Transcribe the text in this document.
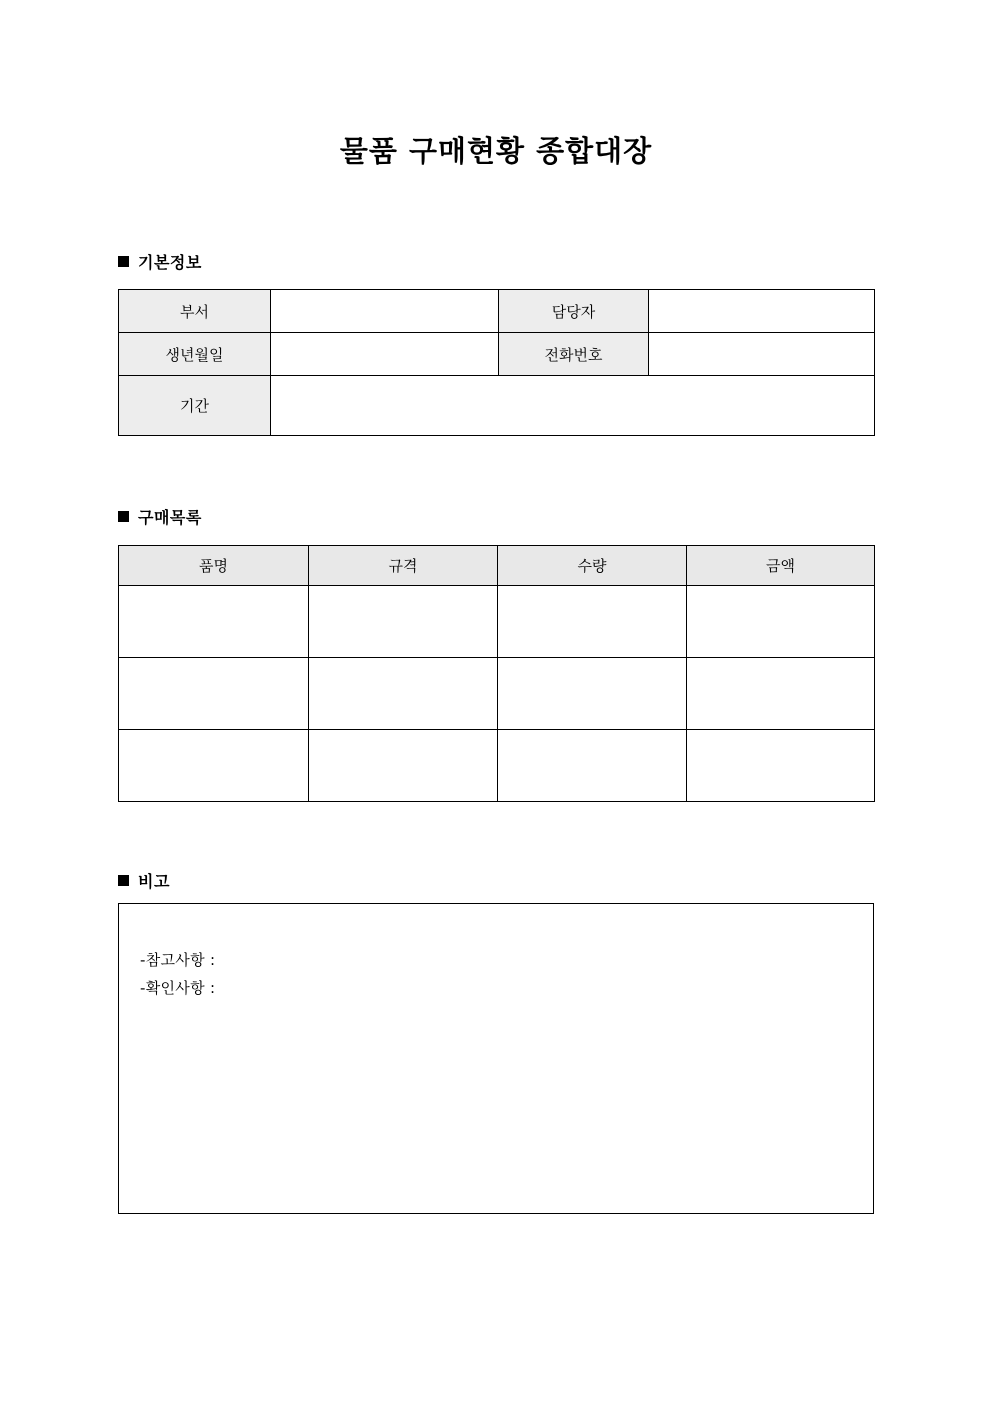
물품 구매현황 종합대장
기본정보
부서		담당자	
생년월일		전화번호	
기간			
구매목록
품명	규격	수량	금액

비고
-참고사항 :
-확인사항 :
